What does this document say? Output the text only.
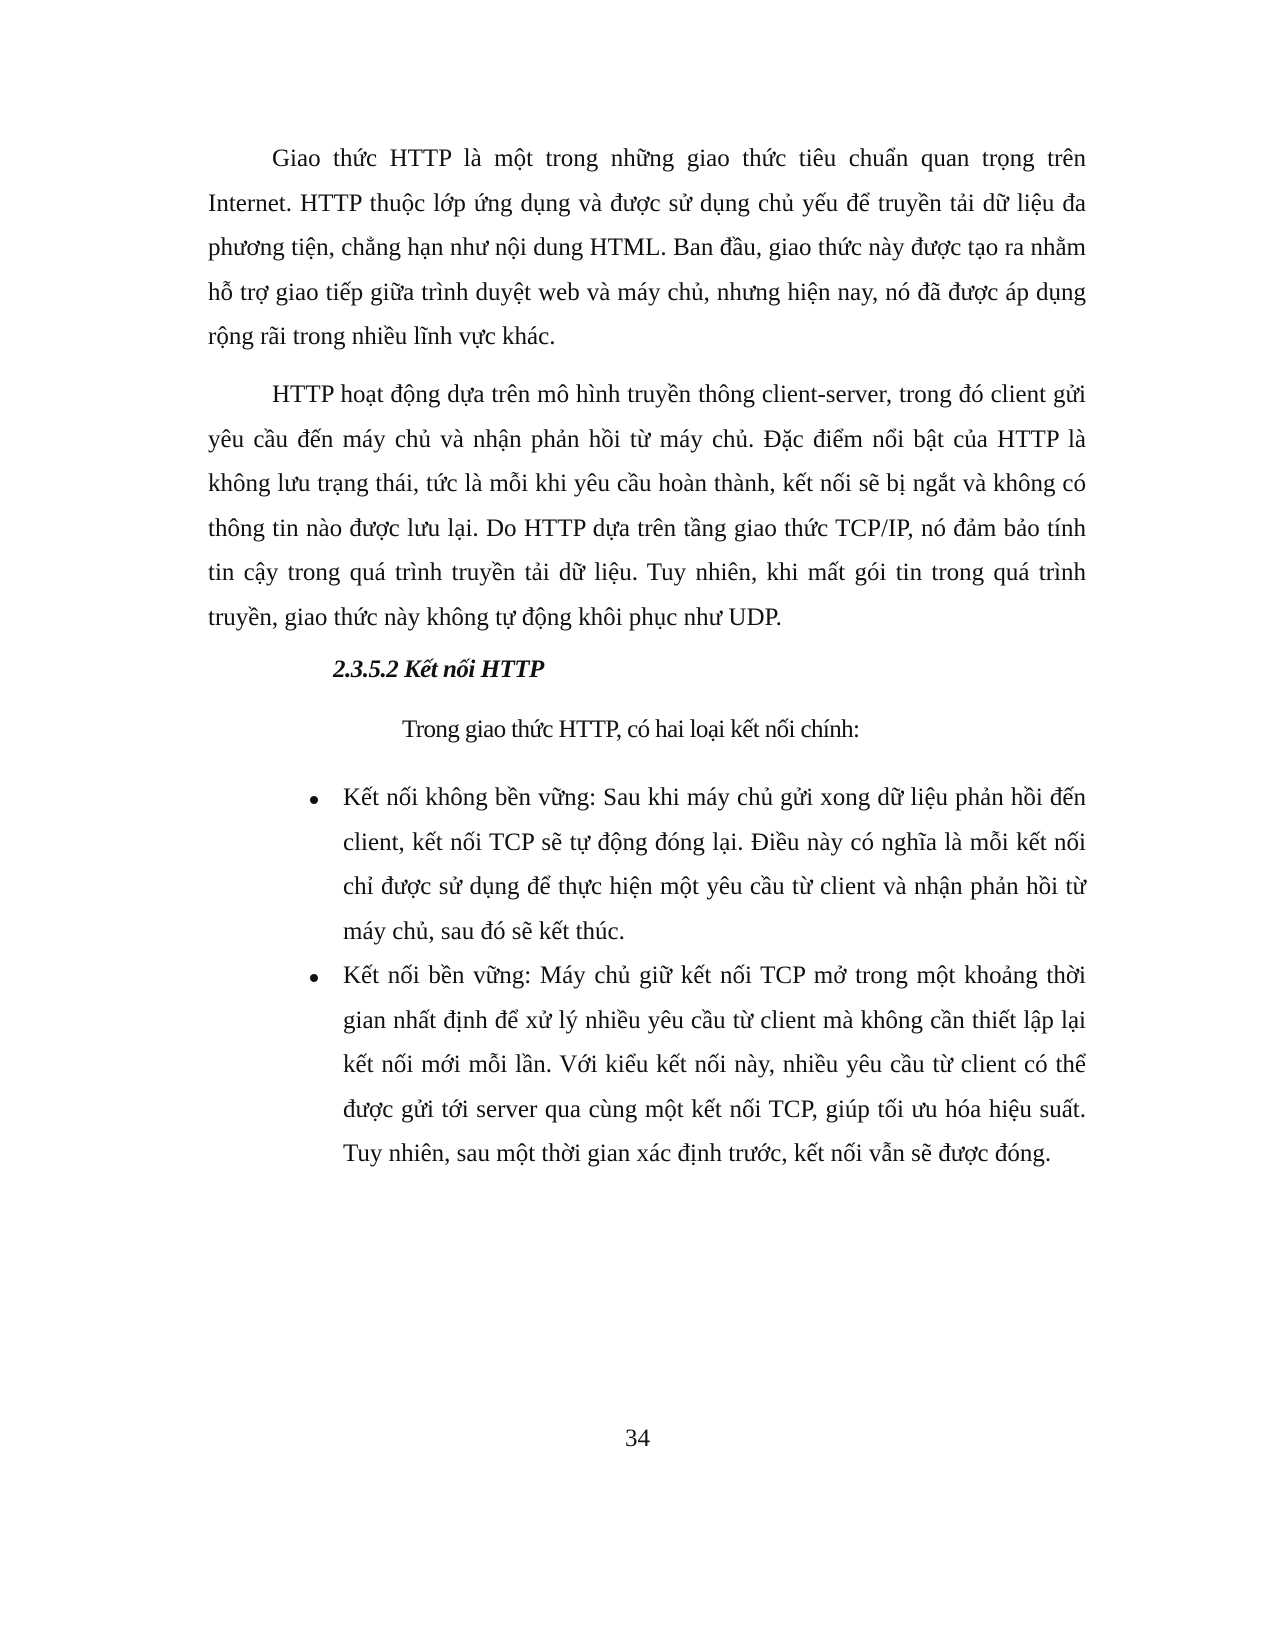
Giao thức HTTP là một trong những giao thức tiêu chuẩn quan trọng trên Internet. HTTP thuộc lớp ứng dụng và được sử dụng chủ yếu để truyền tải dữ liệu đa phương tiện, chẳng hạn như nội dung HTML. Ban đầu, giao thức này được tạo ra nhằm hỗ trợ giao tiếp giữa trình duyệt web và máy chủ, nhưng hiện nay, nó đã được áp dụng rộng rãi trong nhiều lĩnh vực khác.

HTTP hoạt động dựa trên mô hình truyền thông client-server, trong đó client gửi yêu cầu đến máy chủ và nhận phản hồi từ máy chủ. Đặc điểm nổi bật của HTTP là không lưu trạng thái, tức là mỗi khi yêu cầu hoàn thành, kết nối sẽ bị ngắt và không có thông tin nào được lưu lại. Do HTTP dựa trên tầng giao thức TCP/IP, nó đảm bảo tính tin cậy trong quá trình truyền tải dữ liệu. Tuy nhiên, khi mất gói tin trong quá trình truyền, giao thức này không tự động khôi phục như UDP.

2.3.5.2 Kết nối HTTP

Trong giao thức HTTP, có hai loại kết nối chính:

Kết nối không bền vững: Sau khi máy chủ gửi xong dữ liệu phản hồi đến client, kết nối TCP sẽ tự động đóng lại. Điều này có nghĩa là mỗi kết nối chỉ được sử dụng để thực hiện một yêu cầu từ client và nhận phản hồi từ máy chủ, sau đó sẽ kết thúc.
Kết nối bền vững: Máy chủ giữ kết nối TCP mở trong một khoảng thời gian nhất định để xử lý nhiều yêu cầu từ client mà không cần thiết lập lại kết nối mới mỗi lần. Với kiểu kết nối này, nhiều yêu cầu từ client có thể được gửi tới server qua cùng một kết nối TCP, giúp tối ưu hóa hiệu suất. Tuy nhiên, sau một thời gian xác định trước, kết nối vẫn sẽ được đóng.

34
